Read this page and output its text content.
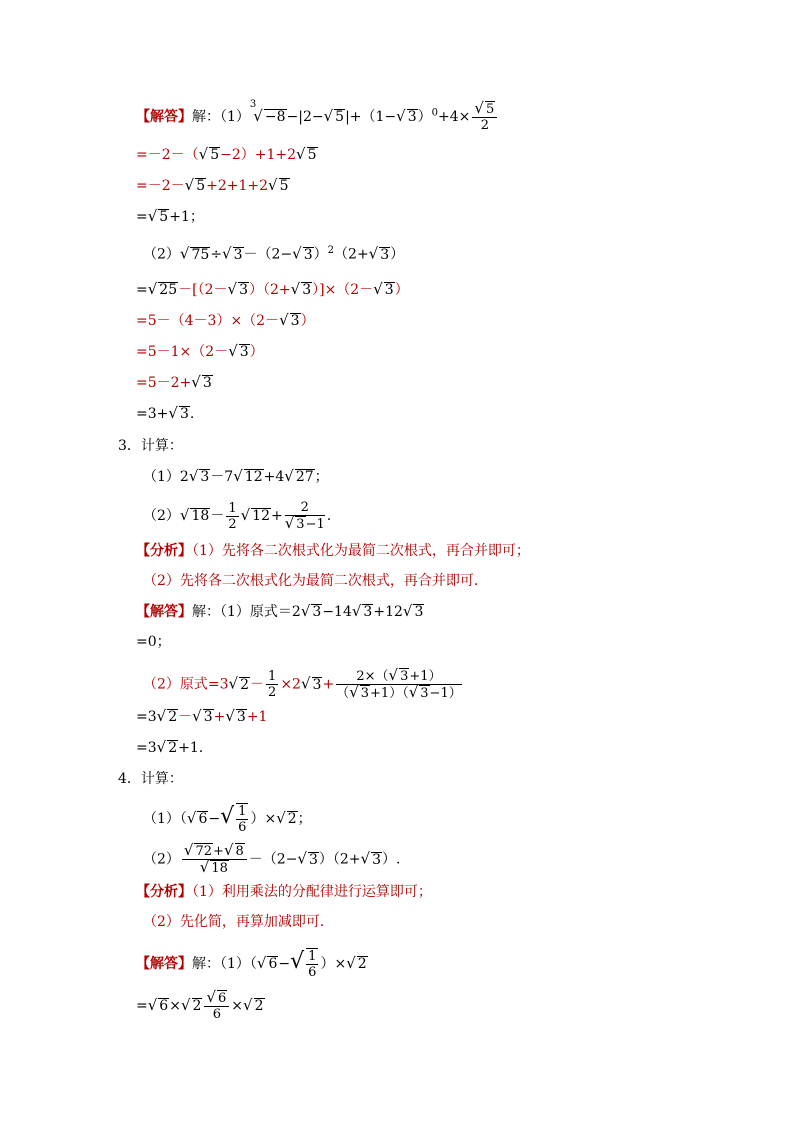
【解答】解：$(1)^3√ -8-|2-√$ 5|+（1−√ $3)^0+4\times \frac{√ 5}{2}$
=－2－（√ 5−2）+1+2√ 5
=－2－√ 5+2+1+2√ 5
=√ 5+1；
（2）√ 75÷√ 3－（2−√ 3）$^2$（2+√ 3）
=√ 25－[（2－√ 3）（2+√ 3）]×（2－√ 3）
=5－（4－3）×（2－√ 3）
=5－1×（2－√ 3）
=5－2+√ 3
=3+√ 3.
3．计算：
（1）2√ 3－7√ 12+4√ 27；
（2）√ $18- \frac{1}{2}$ √ $12+ \frac{2}{√ 3-1}$ .
【分析】（1）先将各二次根式化为最简二次根式，再合并即可；
（2）先将各二次根式化为最简二次根式，再合并即可．
【解答】解：（1）原式＝2√ 3−14√ 3+12√ 3
=0；
（2）原式=3√ $2- \frac{1}{2} \times 2√$ $3+ \frac{2\times(√ 3+1)}{(√ 3+1)(√ 3-1)}$
=3√ 2－√ 3+√ 3+1
=3√ 2+1.
4．计算：
（1）（√ $6-√ \frac{1}{6}$ ）×√ 2；
$(2) \frac{√ 72+√ 8}{√ 18} -(2-√$ 3）（2+√ 3）.
【分析】（1）利用乘法的分配律进行运算即可；
（2）先化简，再算加减即可．
【解答】解：（1）（√ $6-√ \frac{1}{6}$ ）×√ 2
=√ 6×√ $2 \frac{√ 6}{6}$ ×√ 2
